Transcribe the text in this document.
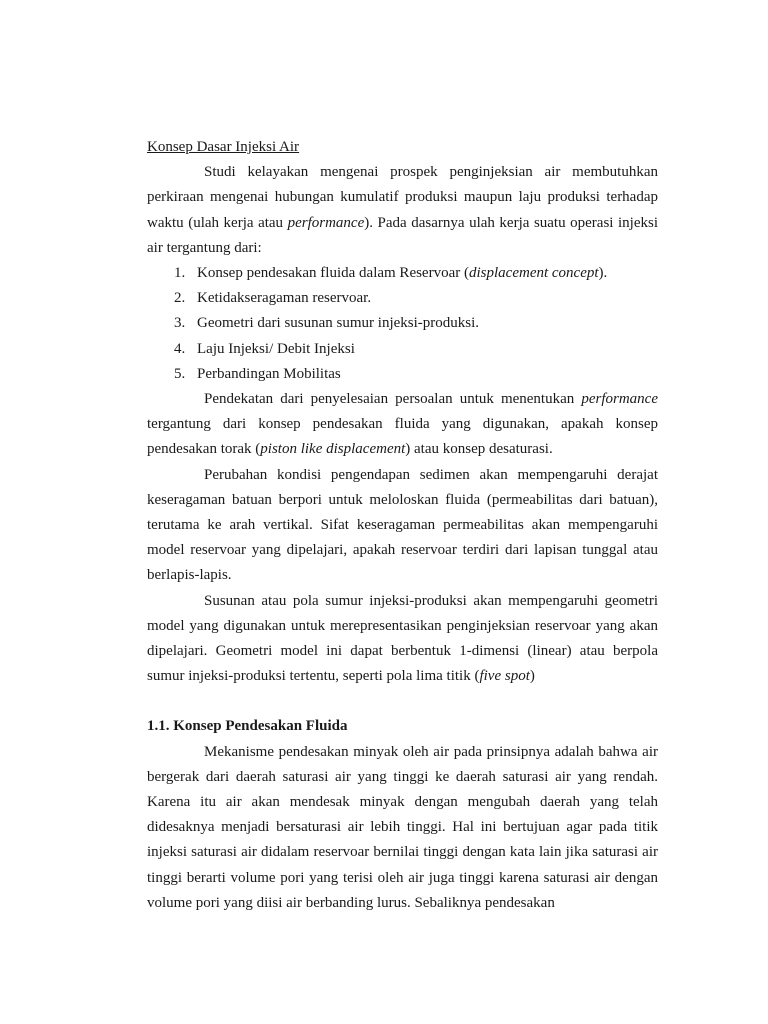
Konsep Dasar Injeksi Air

Studi kelayakan mengenai prospek penginjeksian air membutuhkan perkiraan mengenai hubungan kumulatif produksi maupun laju produksi terhadap waktu (ulah kerja atau performance). Pada dasarnya ulah kerja suatu operasi injeksi air tergantung dari:

1. Konsep pendesakan fluida dalam Reservoar (displacement concept).
2. Ketidakseragaman reservoar.
3. Geometri dari susunan sumur injeksi-produksi.
4. Laju Injeksi/ Debit Injeksi
5. Perbandingan Mobilitas

Pendekatan dari penyelesaian persoalan untuk menentukan performance tergantung dari konsep pendesakan fluida yang digunakan, apakah konsep pendesakan torak (piston like displacement) atau konsep desaturasi.

Perubahan kondisi pengendapan sedimen akan mempengaruhi derajat keseragaman batuan berpori untuk meloloskan fluida (permeabilitas dari batuan), terutama ke arah vertikal. Sifat keseragaman permeabilitas akan mempengaruhi model reservoar yang dipelajari, apakah reservoar terdiri dari lapisan tunggal atau berlapis-lapis.

Susunan atau pola sumur injeksi-produksi akan mempengaruhi geometri model yang digunakan untuk merepresentasikan penginjeksian reservoar yang akan dipelajari. Geometri model ini dapat berbentuk 1-dimensi (linear) atau berpola sumur injeksi-produksi tertentu, seperti pola lima titik (five spot)

1.1. Konsep Pendesakan Fluida

Mekanisme pendesakan minyak oleh air pada prinsipnya adalah bahwa air bergerak dari daerah saturasi air yang tinggi ke daerah saturasi air yang rendah. Karena itu air akan mendesak minyak dengan mengubah daerah yang telah didesaknya menjadi bersaturasi air lebih tinggi. Hal ini bertujuan agar pada titik injeksi saturasi air didalam reservoar bernilai tinggi dengan kata lain jika saturasi air tinggi berarti volume pori yang terisi oleh air juga tinggi karena saturasi air dengan volume pori yang diisi air berbanding lurus. Sebaliknya pendesakan
